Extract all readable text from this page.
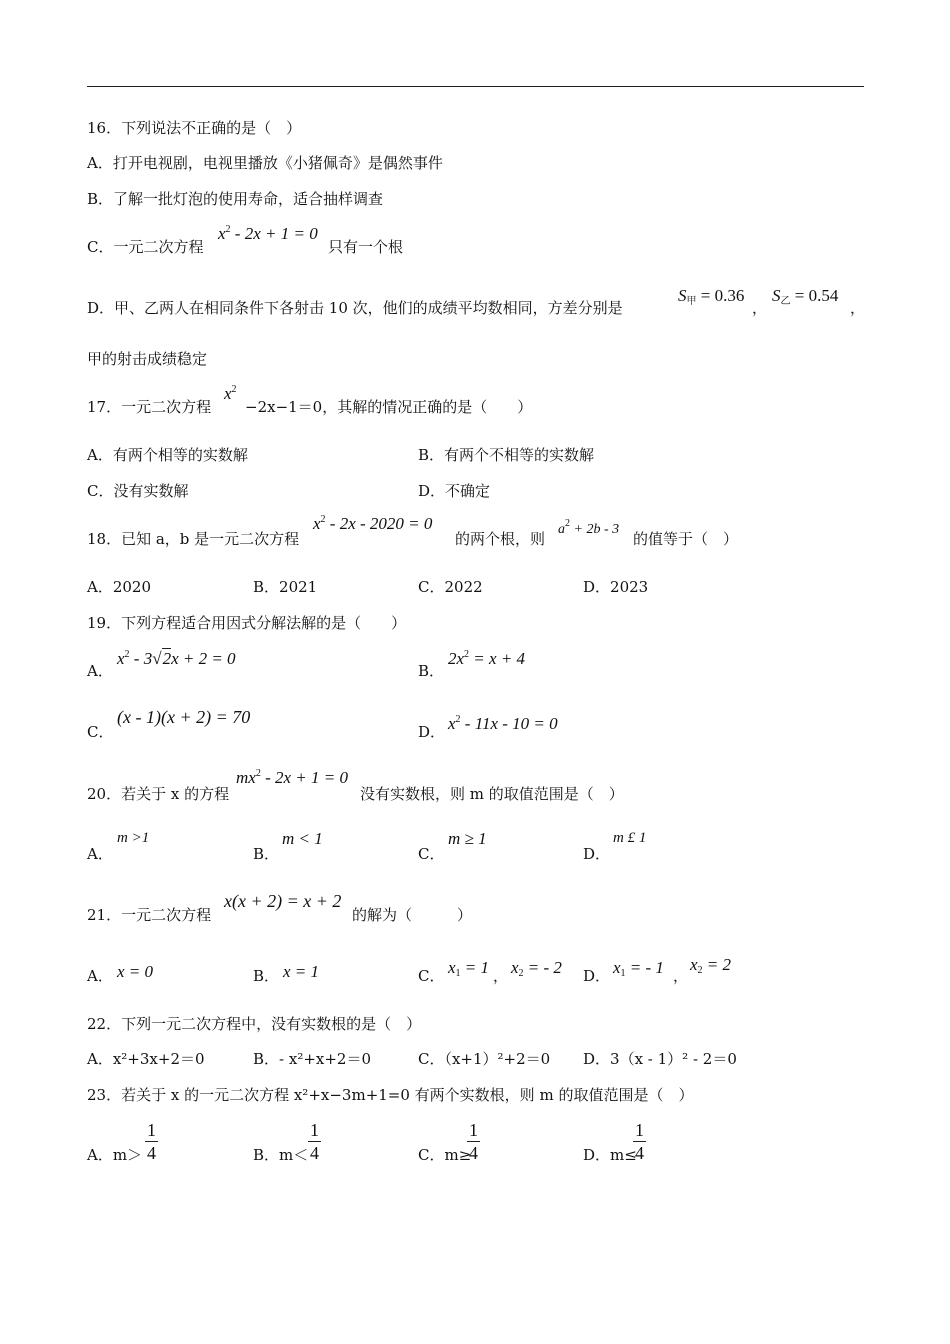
16．下列说法不正确的是（　）
A．打开电视剧，电视里播放《小猪佩奇》是偶然事件
B．了解一批灯泡的使用寿命，适合抽样调查
C．一元二次方程
$x^2 - 2x + 1 = 0$
只有一个根
D．甲、乙两人在相同条件下各射击 10 次，他们的成绩平均数相同，方差分别是
$S_甲 = 0.36$
，
$S_乙 = 0.54$
，
甲的射击成绩稳定
17．一元二次方程
$x^2$
−2x−1＝0，其解的情况正确的是（　　）
A．有两个相等的实数解	B．有两个不相等的实数解
C．没有实数解	D．不确定
18．已知 a，b 是一元二次方程
$x^2 - 2x - 2020 = 0$
的两个根，则
$a^2 + 2b - 3$
的值等于（　）
A．2020	B．2021	C．2022	D．2023
19．下列方程适合用因式分解法解的是（　　）
A．
$x^2 - 3√2x + 2 = 0$
B．
$2x^2 = x + 4$
C．
(x - 1)(x + 2) = 70
D． $x^2 - 11x - 10 = 0$
20．若关于 x 的方程
$mx^2 - 2x + 1 = 0$
没有实数根，则 m 的取值范围是（　）
A．
m >1
B．
m < 1
C．
m ≥ 1
D．
m £ 1
21．一元二次方程
x(x + 2) = x + 2
的解为（　　　）
A． x = 0	B． x = 1	C． $x_1 = 1$ ， $x_2$ = - 2 D． $x_1$ = - 1 ，
$x_2 = 2$
22．下列一元二次方程中，没有实数根的是（　）
A．x²+3x+2＝0	B．- x²+x+2＝0	C．（x+1）²+2＝0 D．3（x - 1）² - 2＝0
23．若关于 x 的一元二次方程 x²+x−3m+1=0 有两个实数根，则 m 的取值范围是（　）
A．$m> \frac{1}{4}$	B．$m< \frac{1}{4}$	C．m≥
$\frac{1}{4}$	D．m≤
$\frac{1}{4}$
